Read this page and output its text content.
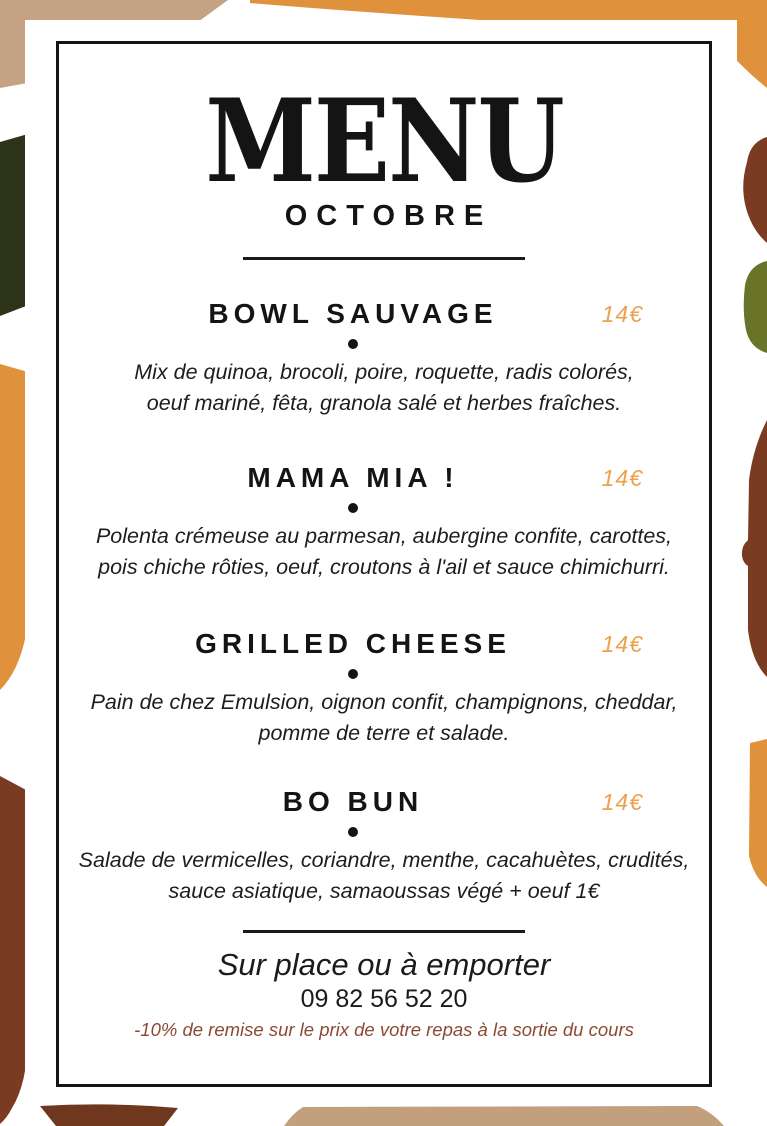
MENU
OCTOBRE
BOWL SAUVAGE	14€
Mix de quinoa, brocoli, poire, roquette, radis colorés,
oeuf mariné, fêta, granola salé et herbes fraîches.
MAMA MIA !	14€
Polenta crémeuse au parmesan, aubergine confite, carottes,
pois chiche rôties, oeuf, croutons à l'ail et sauce chimichurri.
GRILLED CHEESE	14€
Pain de chez Emulsion, oignon confit, champignons, cheddar,
pomme de terre et salade.
BO BUN	14€
Salade de vermicelles, coriandre, menthe, cacahuètes, crudités,
sauce asiatique, samaoussas végé + oeuf 1€
Sur place ou à emporter
09 82 56 52 20
-10% de remise sur le prix de votre repas à la sortie du cours
